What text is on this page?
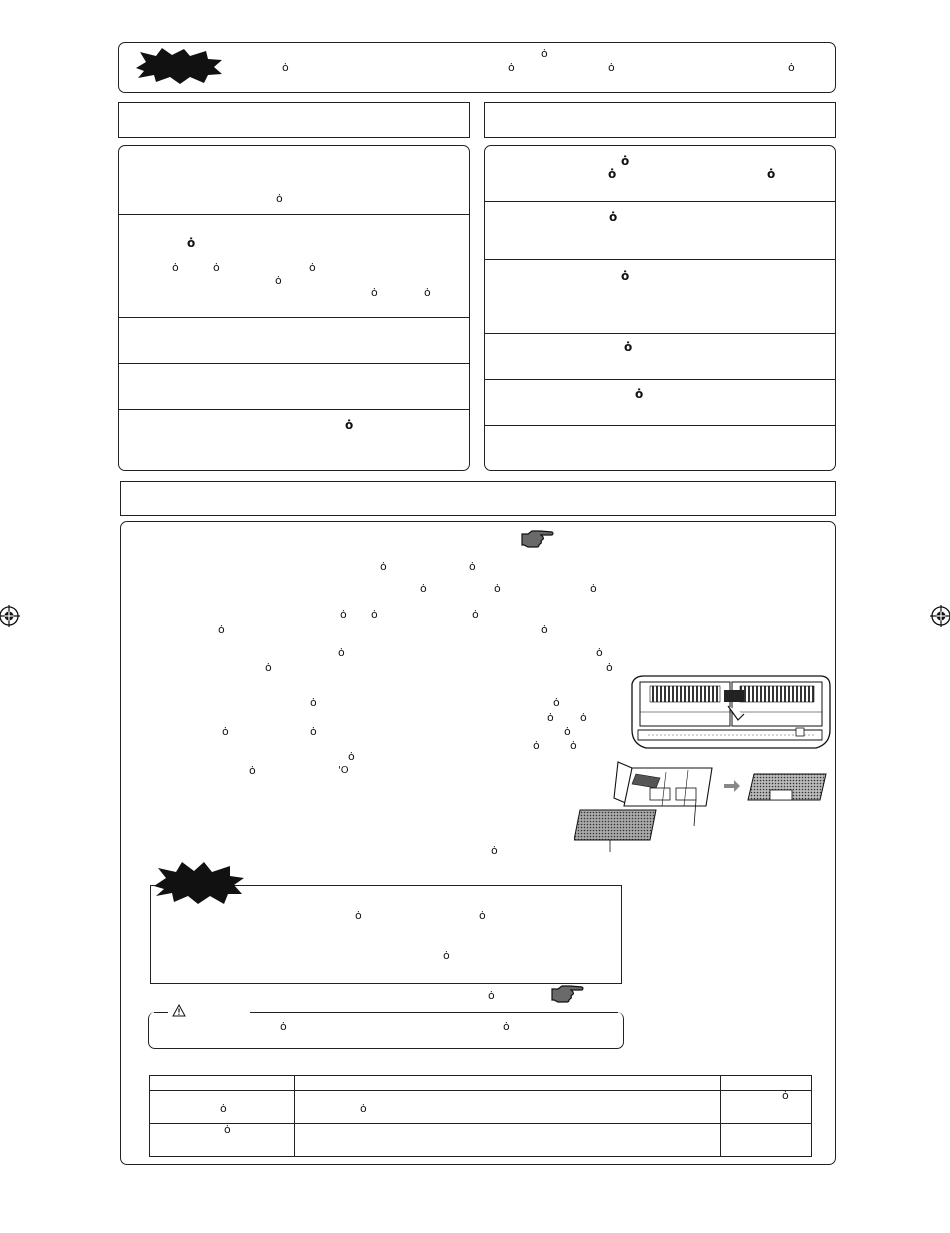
ȯ
ȯ	ȯ	ȯ	ȯ
ȯ
ȯ
ȯ	ȯ	ȯ
ȯ
ȯ	ȯ
ȯ
ȯ
ȯ	ȯ
ȯ
ȯ
ȯ
ȯ
ȯ	ȯ
ȯ	ȯ	ȯ
ȯ ȯ	ȯ
ȯ	ȯ
ȯ	ȯ
ȯ	ȯ
ȯ	ȯ
ȯ ȯ
ȯ	ȯ	ȯ
ȯ	ȯ
ȯ
ȯ	'O
ȯ
ȯ	ȯ
ȯ
ȯ
ȯ	ȯ

ȯ	ȯ
ȯ
ȯ
